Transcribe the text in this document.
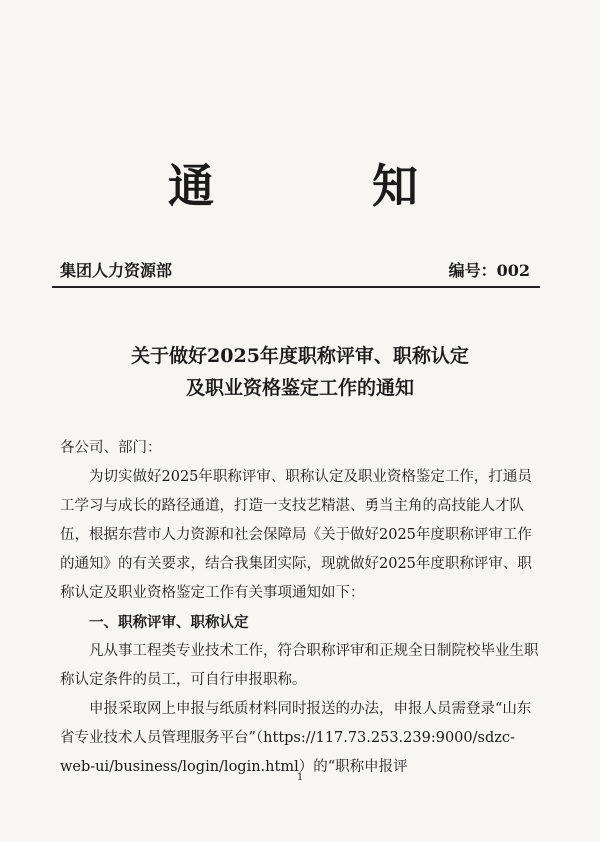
通	知
集团人力资源部	编号：002
关于做好2025年度职称评审、职称认定
及职业资格鉴定工作的通知

各公司、部门：

为切实做好2025年职称评审、职称认定及职业资格鉴定工作，打通员工学习与成长的路径通道，打造一支技艺精湛、勇当主角的高技能人才队伍，根据东营市人力资源和社会保障局《关于做好2025年度职称评审工作的通知》的有关要求，结合我集团实际，现就做好2025年度职称评审、职称认定及职业资格鉴定工作有关事项通知如下：

一、职称评审、职称认定

凡从事工程类专业技术工作，符合职称评审和正规全日制院校毕业生职称认定条件的员工，可自行申报职称。

申报采取网上申报与纸质材料同时报送的办法，申报人员需登录“山东省专业技术人员管理服务平台”（https://117.73.253.239:9000/sdzc-web-ui/business/login/login.html）的“职称申报评

1
